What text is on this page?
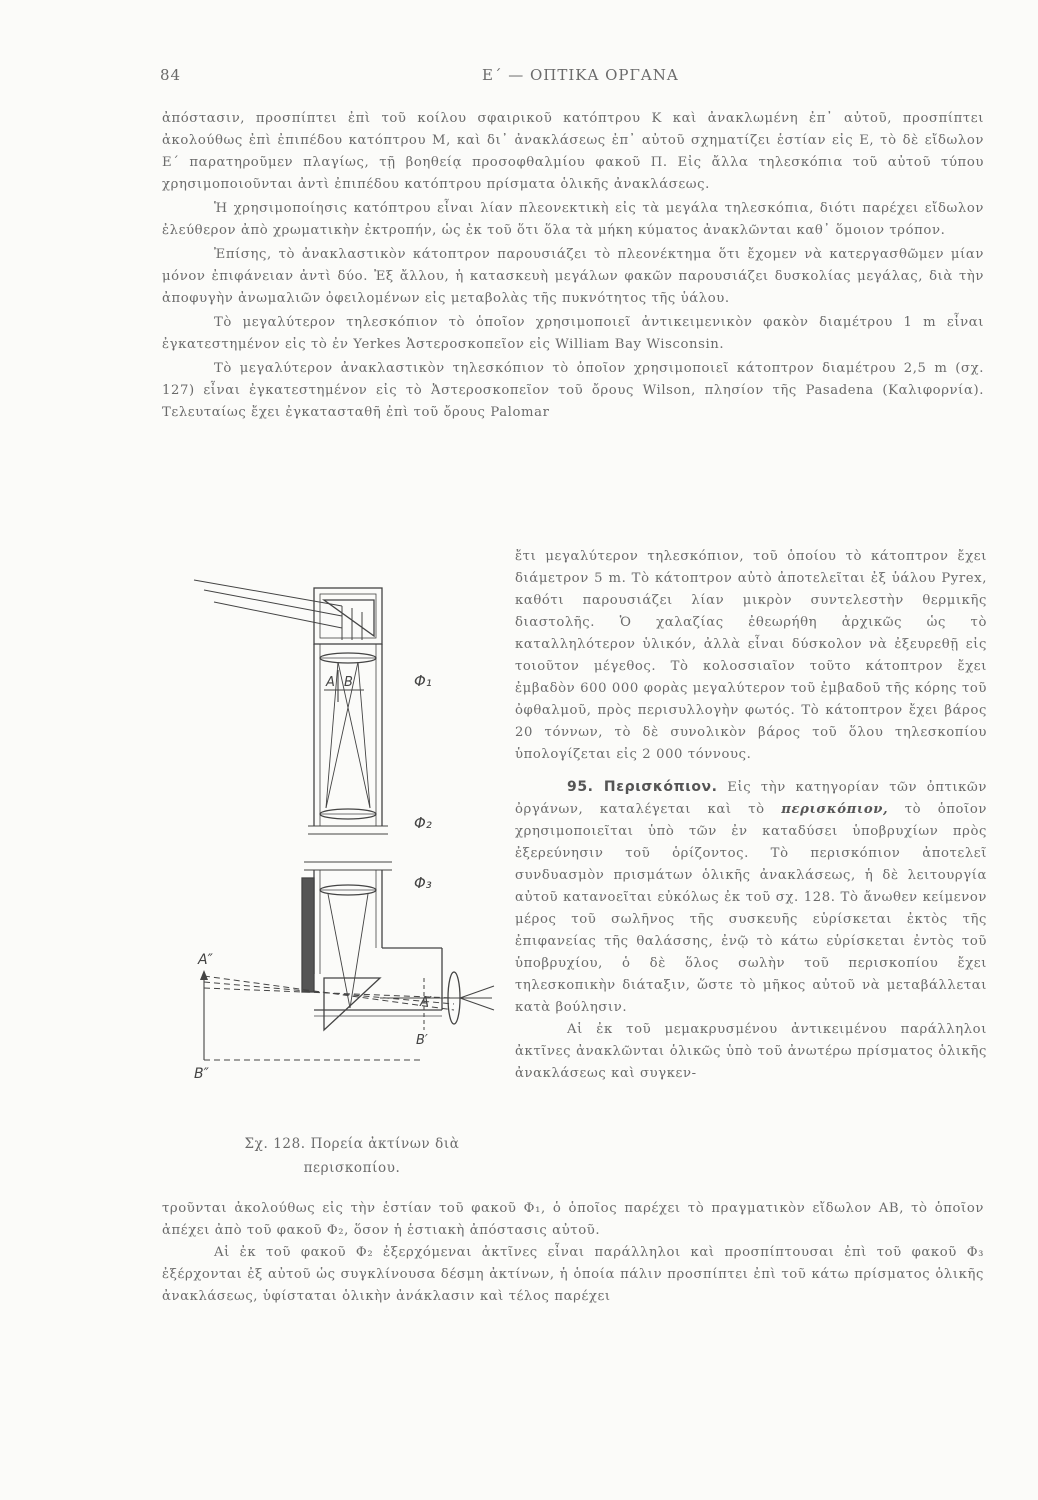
84	Ε΄ — ΟΠΤΙΚΑ ΟΡΓΑΝΑ

ἀπόστασιν, προσπίπτει ἐπὶ τοῦ κοίλου σφαιρικοῦ κατόπτρου Κ καὶ ἀνακλωμένη ἐπ᾽ αὐτοῦ, προσπίπτει ἀκολούθως ἐπὶ ἐπιπέδου κατόπτρου Μ, καὶ δι᾽ ἀνακλάσεως ἐπ᾽ αὐτοῦ σχηματίζει ἑστίαν εἰς Ε, τὸ δὲ εἴδωλον Ε΄ παρατηροῦμεν πλαγίως, τῇ βοηθείᾳ προσοφθαλμίου φακοῦ Π. Εἰς ἄλλα τηλεσκόπια τοῦ αὐτοῦ τύπου χρησιμοποιοῦνται ἀντὶ ἐπιπέδου κατόπτρου πρίσματα ὁλικῆς ἀνακλάσεως.

Ἡ χρησιμοποίησις κατόπτρου εἶναι λίαν πλεονεκτικὴ εἰς τὰ μεγάλα τηλεσκόπια, διότι παρέχει εἴδωλον ἐλεύθερον ἀπὸ χρωματικὴν ἐκτροπήν, ὡς ἐκ τοῦ ὅτι ὅλα τὰ μήκη κύματος ἀνακλῶνται καθ᾽ ὅμοιον τρόπον.

Ἐπίσης, τὸ ἀνακλαστικὸν κάτοπτρον παρουσιάζει τὸ πλεονέκτημα ὅτι ἔχομεν νὰ κατεργασθῶμεν μίαν μόνον ἐπιφάνειαν ἀντὶ δύο. Ἐξ ἄλλου, ἡ κατασκευὴ μεγάλων φακῶν παρουσιάζει δυσκολίας μεγάλας, διὰ τὴν ἀποφυγὴν ἀνωμαλιῶν ὀφειλομένων εἰς μεταβολὰς τῆς πυκνότητος τῆς ὑάλου.

Τὸ μεγαλύτερον τηλεσκόπιον τὸ ὁποῖον χρησιμοποιεῖ ἀντικειμενικὸν φακὸν διαμέτρου 1 m εἶναι ἐγκατεστημένον εἰς τὸ ἐν Yerkes Ἀστεροσκοπεῖον εἰς William Bay Wisconsin.

Τὸ μεγαλύτερον ἀνακλαστικὸν τηλεσκόπιον τὸ ὁποῖον χρησιμοποιεῖ κάτοπτρον διαμέτρου 2,5 m (σχ. 127) εἶναι ἐγκατεστημένον εἰς τὸ Ἀστεροσκοπεῖον τοῦ ὄρους Wilson, πλησίον τῆς Pasadena (Καλιφορνία). Τελευταίως ἔχει ἐγκατασταθῆ ἐπὶ τοῦ ὄρους Palomar

Φ₁
A B
Φ₂
Φ₃
A′
B′
A″
B″
Σχ. 128. Πορεία ἀκτίνων διὰ
περισκοπίου.

ἔτι μεγαλύτερον τηλεσκόπιον, τοῦ ὁποίου τὸ κάτοπτρον ἔχει διάμετρον 5 m. Τὸ κάτοπτρον αὐτὸ ἀποτελεῖται ἐξ ὑάλου Pyrex, καθότι παρουσιάζει λίαν μικρὸν συντελεστὴν θερμικῆς διαστολῆς. Ὁ χαλαζίας ἐθεωρήθη ἀρχικῶς ὡς τὸ καταλληλότερον ὑλικόν, ἀλλὰ εἶναι δύσκολον νὰ ἐξευρεθῇ εἰς τοιοῦτον μέγεθος. Τὸ κολοσσιαῖον τοῦτο κάτοπτρον ἔχει ἐμβαδὸν 600 000 φορὰς μεγαλύτερον τοῦ ἐμβαδοῦ τῆς κόρης τοῦ ὀφθαλμοῦ, πρὸς περισυλλογὴν φωτός. Τὸ κάτοπτρον ἔχει βάρος 20 τόννων, τὸ δὲ συνολικὸν βάρος τοῦ ὅλου τηλεσκοπίου ὑπολογίζεται εἰς 2 000 τόννους.

95. Περισκόπιον. Εἰς τὴν κατηγορίαν τῶν ὀπτικῶν ὀργάνων, καταλέγεται καὶ τὸ περισκόπιον, τὸ ὁποῖον χρησιμοποιεῖται ὑπὸ τῶν ἐν καταδύσει ὑποβρυχίων πρὸς ἐξερεύνησιν τοῦ ὁρίζοντος. Τὸ περισκόπιον ἀποτελεῖ συνδυασμὸν πρισμάτων ὁλικῆς ἀνακλάσεως, ἡ δὲ λειτουργία αὐτοῦ κατανοεῖται εὐκόλως ἐκ τοῦ σχ. 128. Τὸ ἄνωθεν κείμενον μέρος τοῦ σωλῆνος τῆς συσκευῆς εὑρίσκεται ἐκτὸς τῆς ἐπιφανείας τῆς θαλάσσης, ἐνῷ τὸ κάτω εὑρίσκεται ἐντὸς τοῦ ὑποβρυχίου, ὁ δὲ ὅλος σωλὴν τοῦ περισκοπίου ἔχει τηλεσκοπικὴν διάταξιν, ὥστε τὸ μῆκος αὐτοῦ νὰ μεταβάλλεται κατὰ βούλησιν.

Αἱ ἐκ τοῦ μεμακρυσμένου ἀντικειμένου παράλληλοι ἀκτῖνες ἀνακλῶνται ὁλικῶς ὑπὸ τοῦ ἀνωτέρω πρίσματος ὁλικῆς ἀνακλάσεως καὶ συγκεν-

τροῦνται ἀκολούθως εἰς τὴν ἑστίαν τοῦ φακοῦ Φ₁, ὁ ὁποῖος παρέχει τὸ πραγματικὸν εἴδωλον ΑΒ, τὸ ὁποῖον ἀπέχει ἀπὸ τοῦ φακοῦ Φ₂, ὅσον ἡ ἑστιακὴ ἀπόστασις αὐτοῦ.

Αἱ ἐκ τοῦ φακοῦ Φ₂ ἐξερχόμεναι ἀκτῖνες εἶναι παράλληλοι καὶ προσπίπτουσαι ἐπὶ τοῦ φακοῦ Φ₃ ἐξέρχονται ἐξ αὐτοῦ ὡς συγκλίνουσα δέσμη ἀκτίνων, ἡ ὁποία πάλιν προσπίπτει ἐπὶ τοῦ κάτω πρίσματος ὁλικῆς ἀνακλάσεως, ὑφίσταται ὁλικὴν ἀνάκλασιν καὶ τέλος παρέχει
